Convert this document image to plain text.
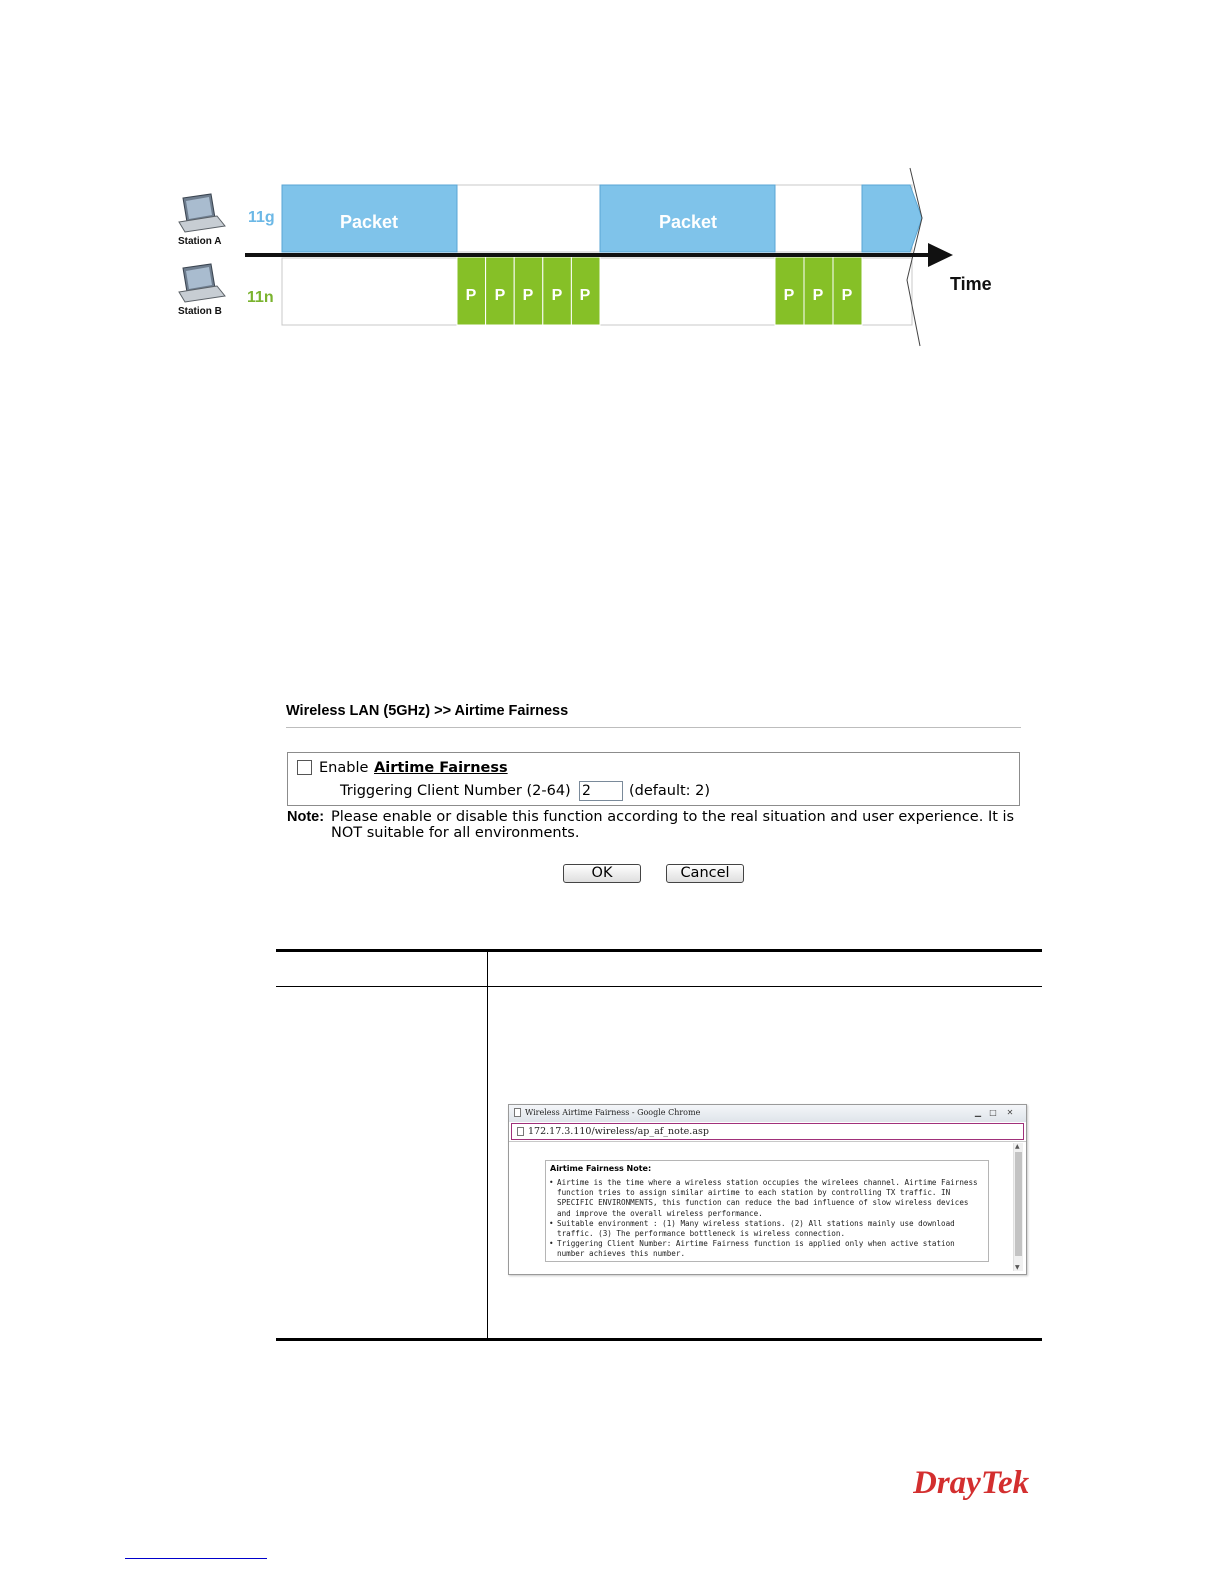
Station A
Station B
11g
11n
Packet	Packet
P P P P P	P P P
Time
Wireless LAN (5GHz) >> Airtime Fairness
Enable Airtime Fairness
Triggering Client Number (2-64)
2	(default: 2)
Note: Please enable or disable this function according to the real situation and user experience. It is NOT suitable for all environments.
OK	Cancel
Wireless Airtime Fairness - Google Chrome	▁	□	✕
172.17.3.110/wireless/ap_af_note.asp
Airtime Fairness Note:
• Airtime is the time where a wireless station occupies the wirelees channel. Airtime Fairness function tries to assign similar airtime to each station by controlling TX traffic. IN SPECIFIC ENVIRONMENTS, this function can reduce the bad influence of slow wireless devices and improve the overall wireless performance.
• Suitable environment : (1) Many wireless stations. (2) All stations mainly use download traffic. (3) The performance bottleneck is wireless connection.
• Triggering Client Number: Airtime Fairness function is applied only when active station number achieves this number.
▲
▼
DrayTek
